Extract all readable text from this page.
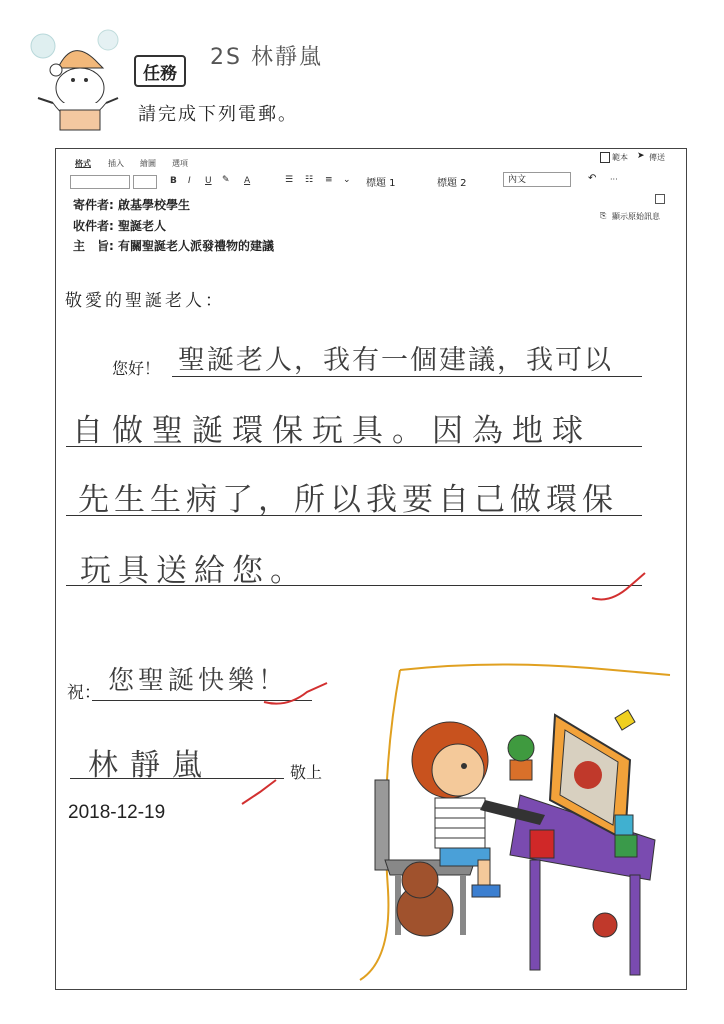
2S 林靜嵐
任務
請完成下列電郵。
格式 插入 繪圖 選項
範本 ➤ 傳送
B I U ✎ A	☰ ☷ ≡ ⌄ 標題 1	標題 2	內文	↶ ···
⎘ 顯示原始訊息
寄件者: 啟基學校學生
收件者: 聖誕老人
主　旨: 有關聖誕老人派發禮物的建議
敬愛的聖誕老人：
您好！ 聖誕老人，我有一個建議，我可以
自做聖誕環保玩具。因為地球
先生生病了，所以我要自己做環保
玩具送給您。
祝： 您聖誕快樂！
林靜嵐	敬上
2018-12-19
